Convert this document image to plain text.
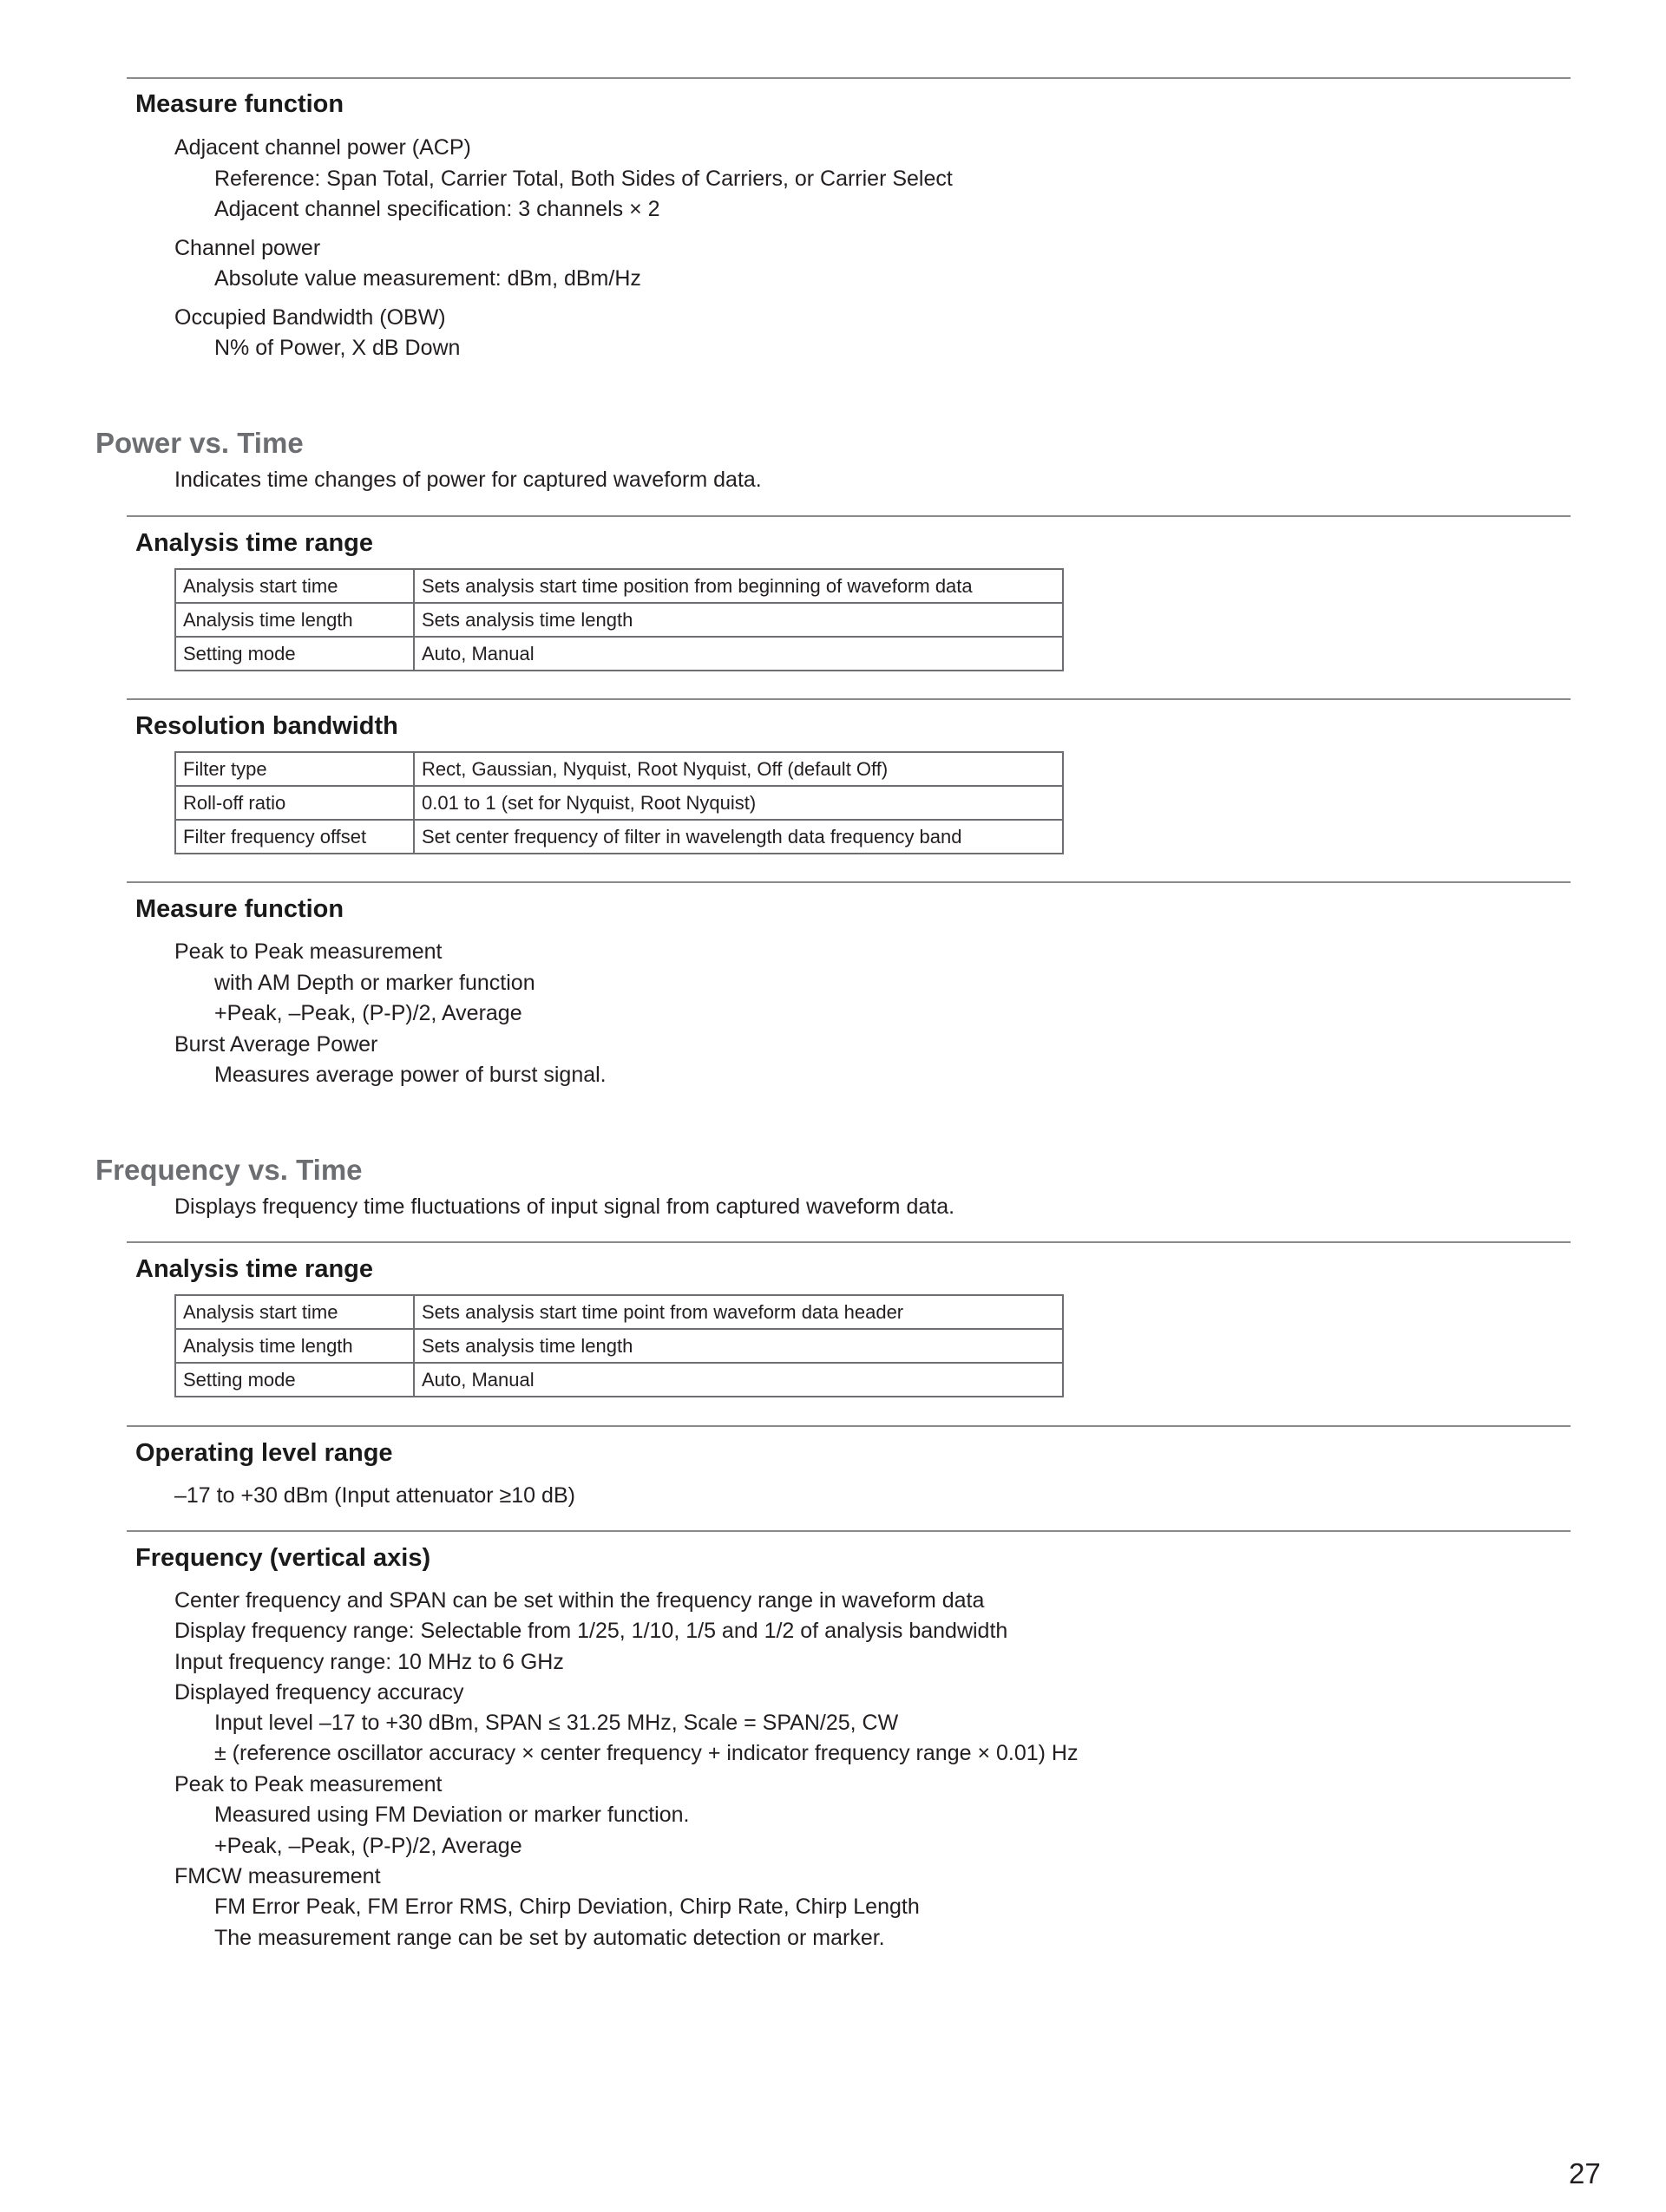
Measure function
Adjacent channel power (ACP)
Reference: Span Total, Carrier Total, Both Sides of Carriers, or Carrier Select
Adjacent channel specification: 3 channels × 2
Channel power
Absolute value measurement: dBm, dBm/Hz
Occupied Bandwidth (OBW)
N% of Power, X dB Down
Power vs. Time
Indicates time changes of power for captured waveform data.
Analysis time range
Analysis start time	Sets analysis start time position from beginning of waveform data
Analysis time length	Sets analysis time length
Setting mode	Auto, Manual
Resolution bandwidth
Filter type	Rect, Gaussian, Nyquist, Root Nyquist, Off (default Off)
Roll-off ratio	0.01 to 1 (set for Nyquist, Root Nyquist)
Filter frequency offset	Set center frequency of filter in wavelength data frequency band
Measure function
Peak to Peak measurement
with AM Depth or marker function
+Peak, –Peak, (P-P)/2, Average
Burst Average Power
Measures average power of burst signal.
Frequency vs. Time
Displays frequency time fluctuations of input signal from captured waveform data.
Analysis time range
Analysis start time	Sets analysis start time point from waveform data header
Analysis time length	Sets analysis time length
Setting mode	Auto, Manual
Operating level range
–17 to +30 dBm (Input attenuator ≥10 dB)
Frequency (vertical axis)
Center frequency and SPAN can be set within the frequency range in waveform data
Display frequency range: Selectable from 1/25, 1/10, 1/5 and 1/2 of analysis bandwidth
Input frequency range: 10 MHz to 6 GHz
Displayed frequency accuracy
Input level –17 to +30 dBm, SPAN ≤ 31.25 MHz, Scale = SPAN/25, CW
± (reference oscillator accuracy × center frequency + indicator frequency range × 0.01) Hz
Peak to Peak measurement
Measured using FM Deviation or marker function.
+Peak, –Peak, (P-P)/2, Average
FMCW measurement
FM Error Peak, FM Error RMS, Chirp Deviation, Chirp Rate, Chirp Length
The measurement range can be set by automatic detection or marker.
27
